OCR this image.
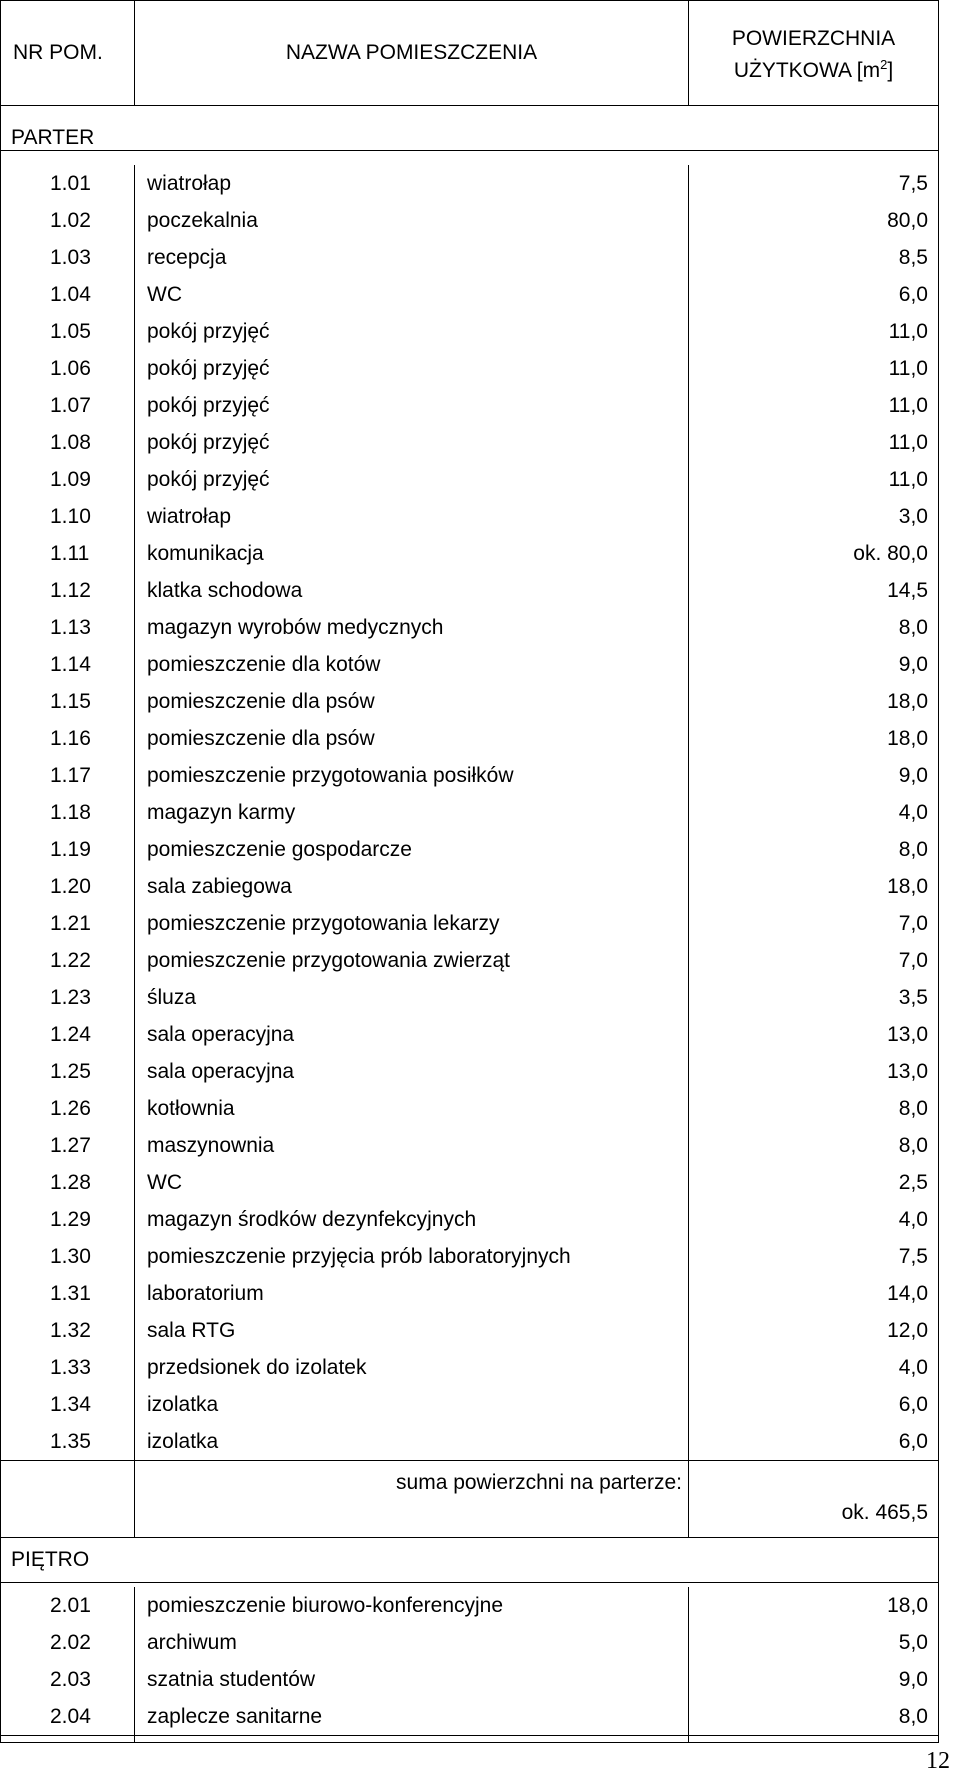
NR POM.	NAZWA POMIESZCZENIA	POWIERZCHNIA
UŻYTKOWA $[m^2]$
PARTER		

1.01	wiatrołap	7,5
1.02	poczekalnia	80,0
1.03	recepcja	8,5
1.04	WC	6,0
1.05	pokój przyjęć	11,0
1.06	pokój przyjęć	11,0
1.07	pokój przyjęć	11,0
1.08	pokój przyjęć	11,0
1.09	pokój przyjęć	11,0
1.10	wiatrołap	3,0
1.11	komunikacja	ok. 80,0
1.12	klatka schodowa	14,5
1.13	magazyn wyrobów medycznych	8,0
1.14	pomieszczenie dla kotów	9,0
1.15	pomieszczenie dla psów	18,0
1.16	pomieszczenie dla psów	18,0
1.17	pomieszczenie przygotowania posiłków	9,0
1.18	magazyn karmy	4,0
1.19	pomieszczenie gospodarcze	8,0
1.20	sala zabiegowa	18,0
1.21	pomieszczenie przygotowania lekarzy	7,0
1.22	pomieszczenie przygotowania zwierząt	7,0
1.23	śluza	3,5
1.24	sala operacyjna	13,0
1.25	sala operacyjna	13,0
1.26	kotłownia	8,0
1.27	maszynownia	8,0
1.28	WC	2,5
1.29	magazyn środków dezynfekcyjnych	4,0
1.30	pomieszczenie przyjęcia prób laboratoryjnych	7,5
1.31	laboratorium	14,0
1.32	sala RTG	12,0
1.33	przedsionek do izolatek	4,0
1.34	izolatka	6,0
1.35	izolatka	6,0
	suma powierzchni na parterze:	ok. 465,5
PIĘTRO		

2.01	pomieszczenie biurowo-konferencyjne	18,0
2.02	archiwum	5,0
2.03	szatnia studentów	9,0
2.04	zaplecze sanitarne	8,0

12
